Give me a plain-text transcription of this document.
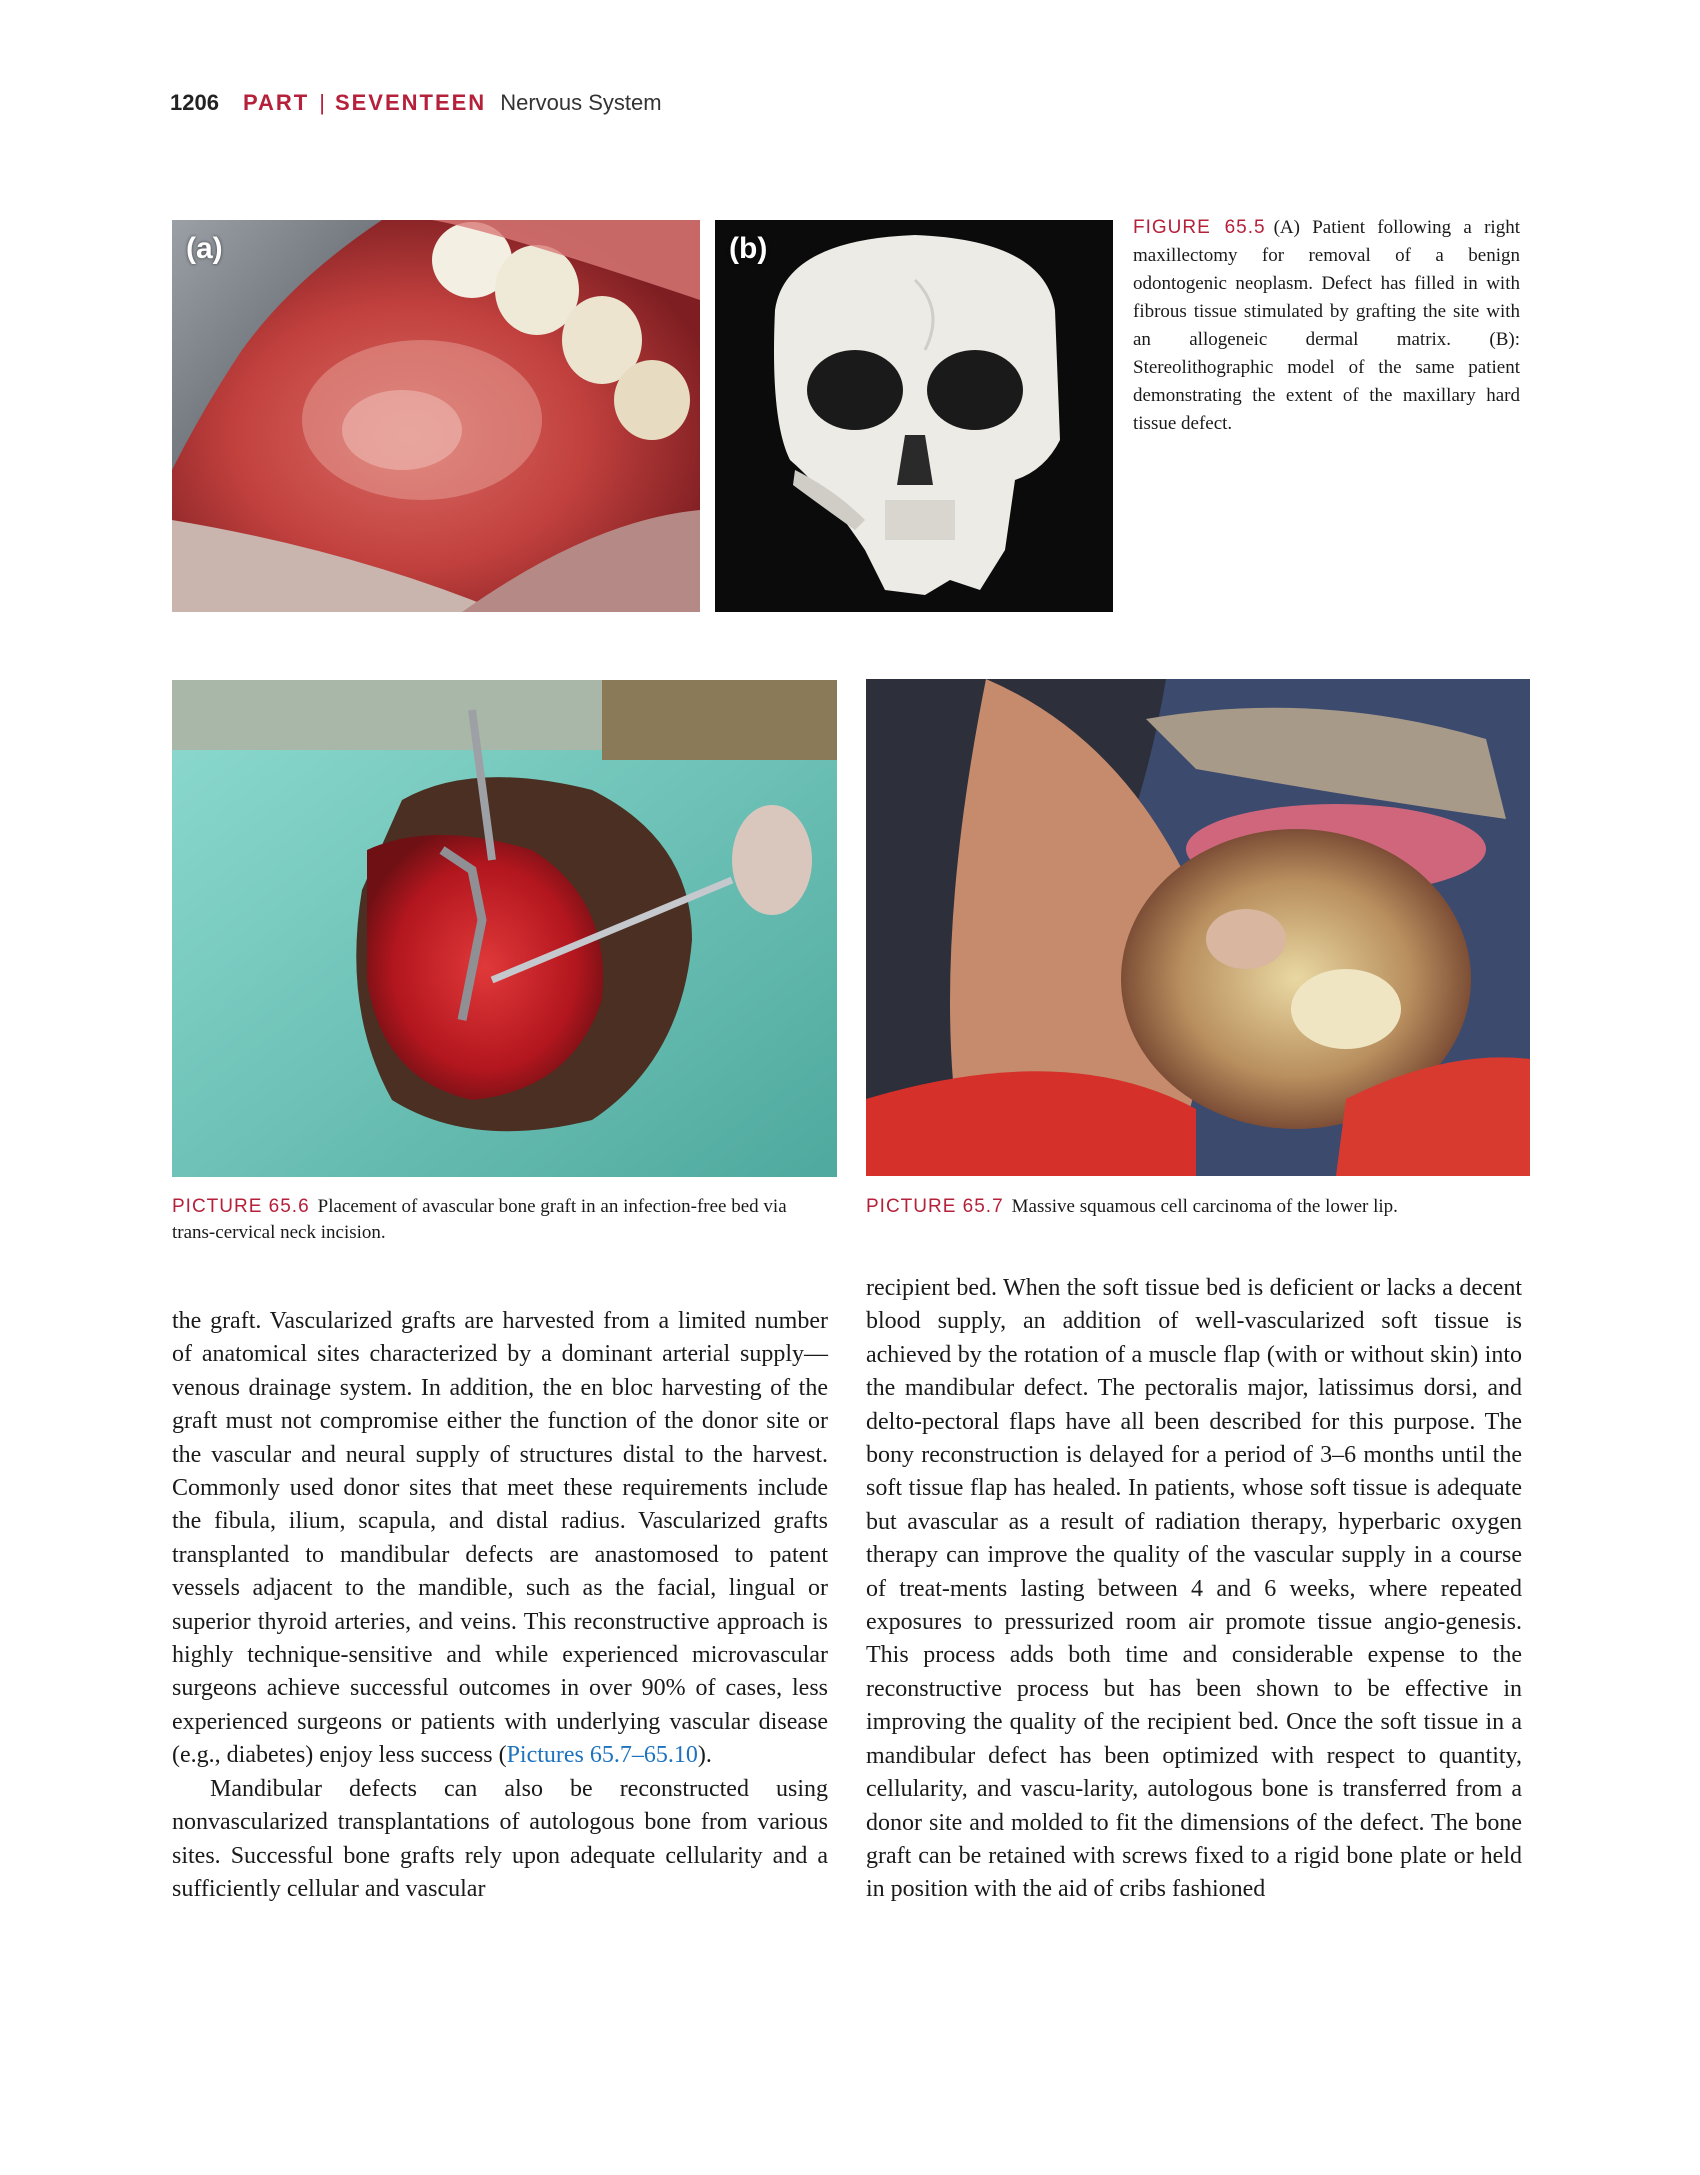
1206 PART | SEVENTEEN Nervous System
(a)	(b)
FIGURE 65.5 (A) Patient following a right maxillectomy for removal of a benign odontogenic neoplasm. Defect has filled in with fibrous tissue stimulated by grafting the site with an allogeneic dermal matrix. (B): Stereolithographic model of the same patient demonstrating the extent of the maxillary hard tissue defect.
PICTURE 65.6 Placement of avascular bone graft in an infection-free bed via trans-cervical neck incision.
PICTURE 65.7 Massive squamous cell carcinoma of the lower lip.

the graft. Vascularized grafts are harvested from a limited number of anatomical sites characterized by a dominant arterial supply—venous drainage system. In addition, the en bloc harvesting of the graft must not compromise either the function of the donor site or the vascular and neural supply of structures distal to the harvest. Commonly used donor sites that meet these requirements include the fibula, ilium, scapula, and distal radius. Vascularized grafts transplanted to mandibular defects are anastomosed to patent vessels adjacent to the mandible, such as the facial, lingual or superior thyroid arteries, and veins. This reconstructive approach is highly technique-sensitive and while experienced microvascular surgeons achieve successful outcomes in over 90% of cases, less experienced surgeons or patients with underlying vascular disease (e.g., diabetes) enjoy less success (Pictures 65.7–65.10).

Mandibular defects can also be reconstructed using nonvascularized transplantations of autologous bone from various sites. Successful bone grafts rely upon adequate cellularity and a sufficiently cellular and vascular

recipient bed. When the soft tissue bed is deficient or lacks a decent blood supply, an addition of well-vascularized soft tissue is achieved by the rotation of a muscle flap (with or without skin) into the mandibular defect. The pectoralis major, latissimus dorsi, and delto-pectoral flaps have all been described for this purpose. The bony reconstruction is delayed for a period of 3–6 months until the soft tissue flap has healed. In patients, whose soft tissue is adequate but avascular as a result of radiation therapy, hyperbaric oxygen therapy can improve the quality of the vascular supply in a course of treat-ments lasting between 4 and 6 weeks, where repeated exposures to pressurized room air promote tissue angio-genesis. This process adds both time and considerable expense to the reconstructive process but has been shown to be effective in improving the quality of the recipient bed. Once the soft tissue in a mandibular defect has been optimized with respect to quantity, cellularity, and vascu-larity, autologous bone is transferred from a donor site and molded to fit the dimensions of the defect. The bone graft can be retained with screws fixed to a rigid bone plate or held in position with the aid of cribs fashioned
